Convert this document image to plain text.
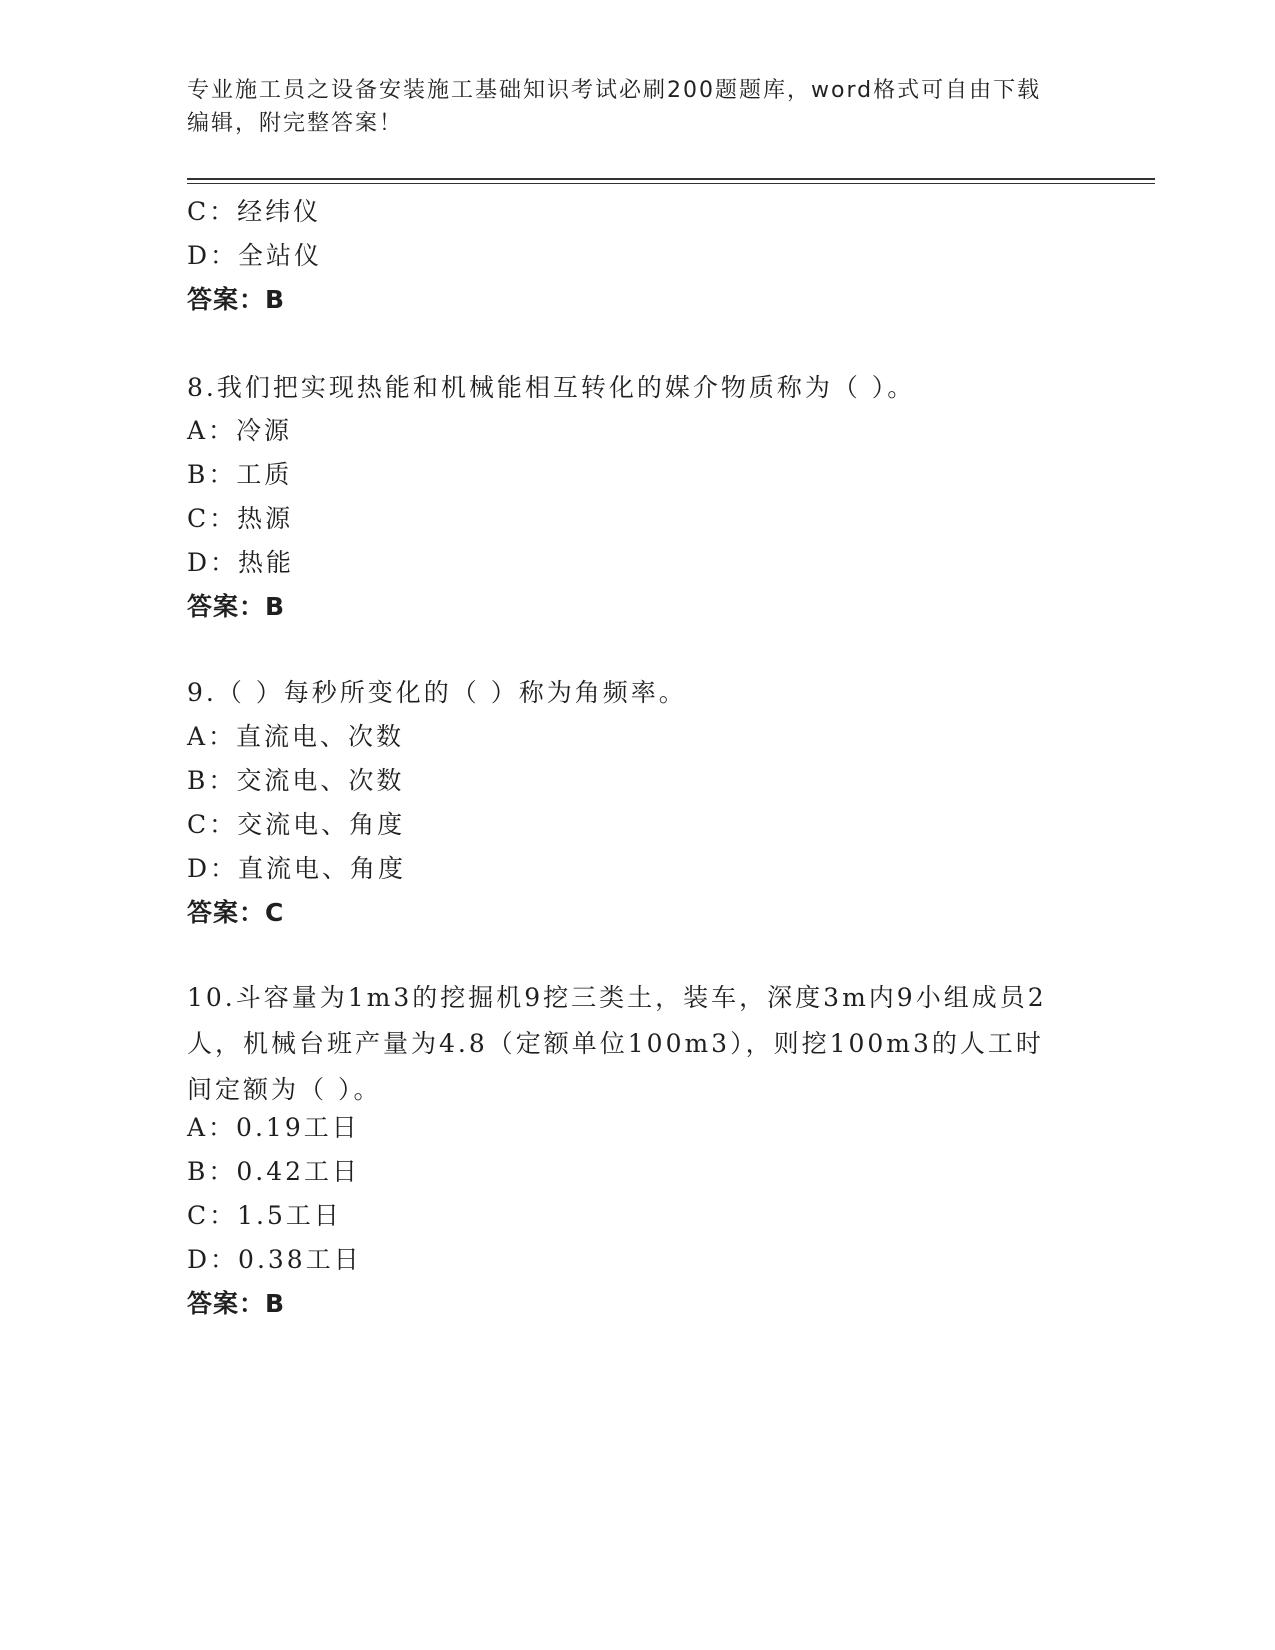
专业施工员之设备安装施工基础知识考试必刷200题题库，word格式可自由下载
编辑，附完整答案！
C：经纬仪
D：全站仪
答案：B
8.我们把实现热能和机械能相互转化的媒介物质称为（ ）。
A：冷源
B：工质
C：热源
D：热能
答案：B
9.（ ）每秒所变化的（ ）称为角频率。
A：直流电、次数
B：交流电、次数
C：交流电、角度
D：直流电、角度
答案：C
10.斗容量为1m3的挖掘机9挖三类土，装车，深度3m内9小组成员2人，机械台班产量为4.8（定额单位100m3），则挖100m3的人工时间定额为（ ）。
A：0.19工日
B：0.42工日
C：1.5工日
D：0.38工日
答案：B
